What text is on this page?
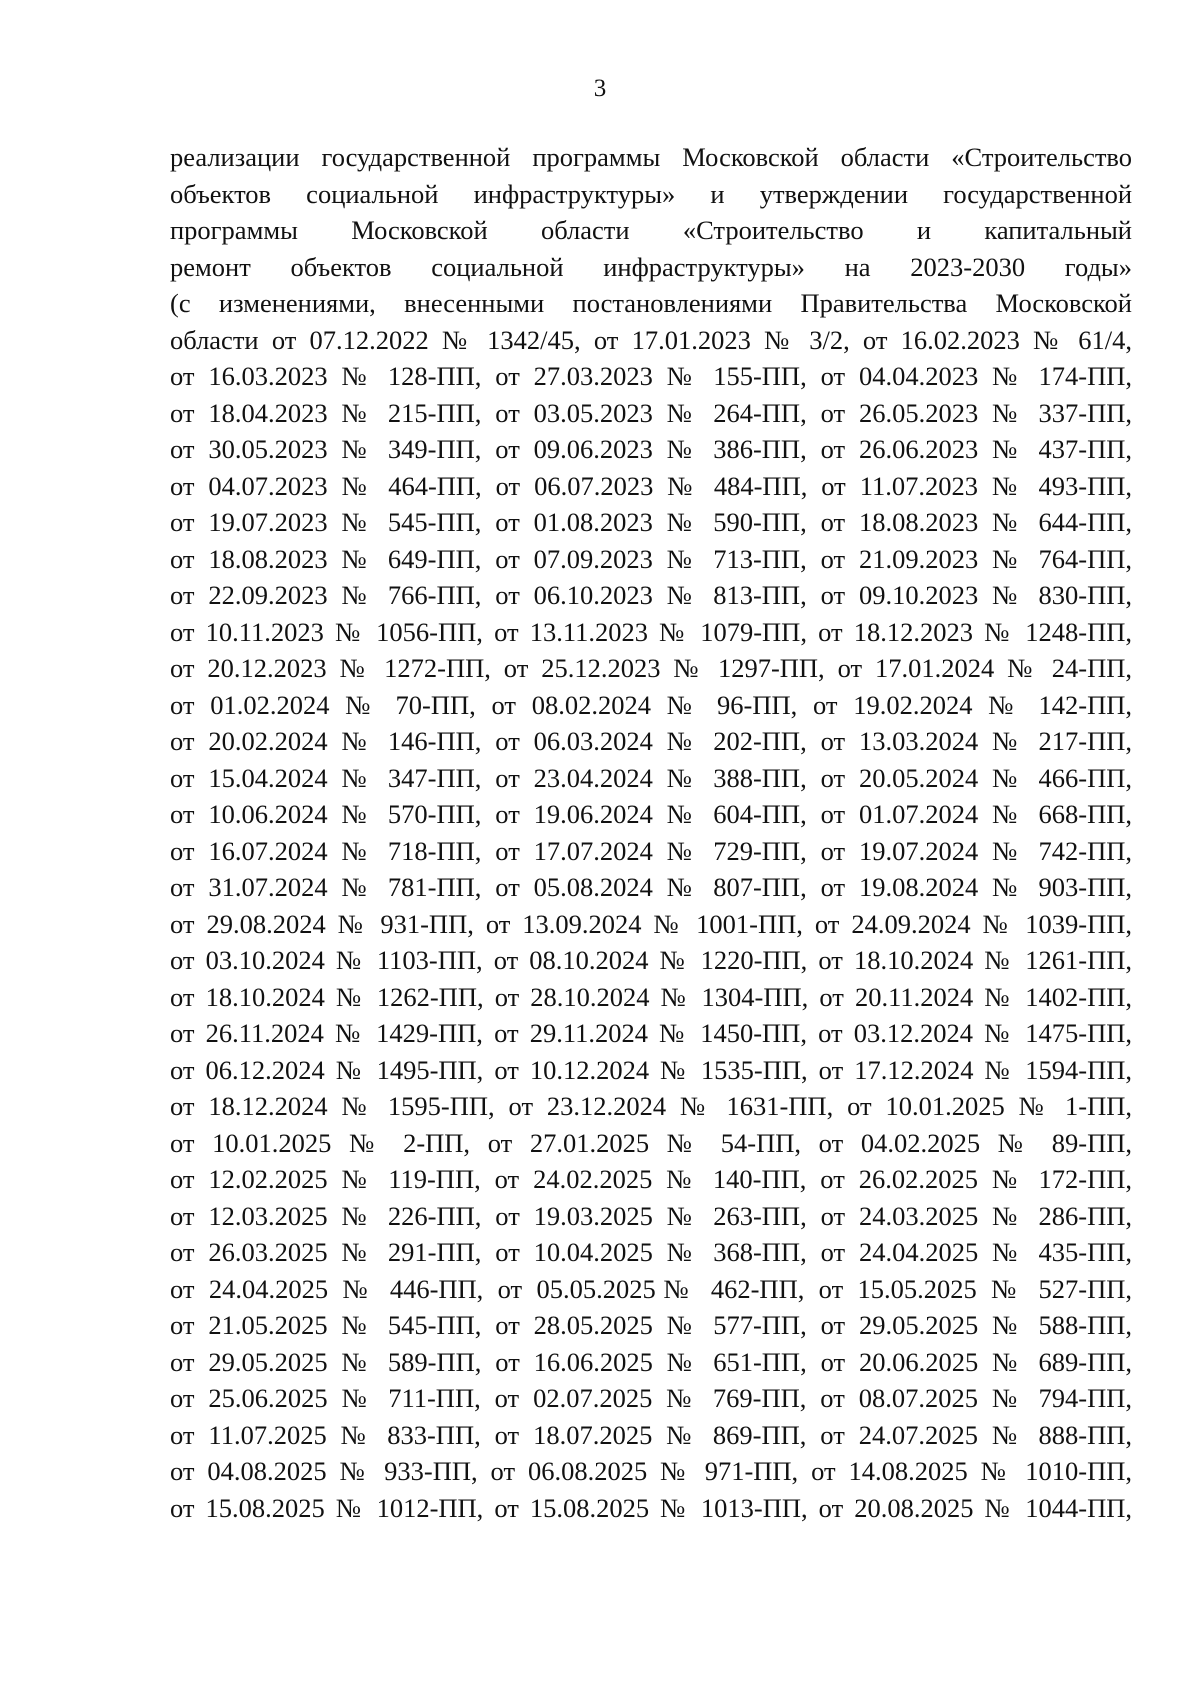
3
реализации государственной программы Московской области «Строительство
объектов социальной инфраструктуры» и утверждении государственной
программы Московской области «Строительство и капитальный
ремонт объектов социальной инфраструктуры» на 2023-2030 годы»
(с изменениями, внесенными постановлениями Правительства Московской
области от 07.12.2022 № 1342/45, от 17.01.2023 № 3/2, от 16.02.2023 № 61/4,
от 16.03.2023 № 128-ПП, от 27.03.2023 № 155-ПП, от 04.04.2023 № 174-ПП,
от 18.04.2023 № 215-ПП, от 03.05.2023 № 264-ПП, от 26.05.2023 № 337-ПП,
от 30.05.2023 № 349-ПП, от 09.06.2023 № 386-ПП, от 26.06.2023 № 437-ПП,
от 04.07.2023 № 464-ПП, от 06.07.2023 № 484-ПП, от 11.07.2023 № 493-ПП,
от 19.07.2023 № 545-ПП, от 01.08.2023 № 590-ПП, от 18.08.2023 № 644-ПП,
от 18.08.2023 № 649-ПП, от 07.09.2023 № 713-ПП, от 21.09.2023 № 764-ПП,
от 22.09.2023 № 766-ПП, от 06.10.2023 № 813-ПП, от 09.10.2023 № 830-ПП,
от 10.11.2023 № 1056-ПП, от 13.11.2023 № 1079-ПП, от 18.12.2023 № 1248-ПП,
от 20.12.2023 № 1272-ПП, от 25.12.2023 № 1297-ПП, от 17.01.2024 № 24-ПП,
от 01.02.2024 № 70-ПП, от 08.02.2024 № 96-ПП, от 19.02.2024 № 142-ПП,
от 20.02.2024 № 146-ПП, от 06.03.2024 № 202-ПП, от 13.03.2024 № 217-ПП,
от 15.04.2024 № 347-ПП, от 23.04.2024 № 388-ПП, от 20.05.2024 № 466-ПП,
от 10.06.2024 № 570-ПП, от 19.06.2024 № 604-ПП, от 01.07.2024 № 668-ПП,
от 16.07.2024 № 718-ПП, от 17.07.2024 № 729-ПП, от 19.07.2024 № 742-ПП,
от 31.07.2024 № 781-ПП, от 05.08.2024 № 807-ПП, от 19.08.2024 № 903-ПП,
от 29.08.2024 № 931-ПП, от 13.09.2024 № 1001-ПП, от 24.09.2024 № 1039-ПП,
от 03.10.2024 № 1103-ПП, от 08.10.2024 № 1220-ПП, от 18.10.2024 № 1261-ПП,
от 18.10.2024 № 1262-ПП, от 28.10.2024 № 1304-ПП, от 20.11.2024 № 1402-ПП,
от 26.11.2024 № 1429-ПП, от 29.11.2024 № 1450-ПП, от 03.12.2024 № 1475-ПП,
от 06.12.2024 № 1495-ПП, от 10.12.2024 № 1535-ПП, от 17.12.2024 № 1594-ПП,
от 18.12.2024 № 1595-ПП, от 23.12.2024 № 1631-ПП, от 10.01.2025 № 1-ПП,
от 10.01.2025 № 2-ПП, от 27.01.2025 № 54-ПП, от 04.02.2025 № 89-ПП,
от 12.02.2025 № 119-ПП, от 24.02.2025 № 140-ПП, от 26.02.2025 № 172-ПП,
от 12.03.2025 № 226-ПП, от 19.03.2025 № 263-ПП, от 24.03.2025 № 286-ПП,
от 26.03.2025 № 291-ПП, от 10.04.2025 № 368-ПП, от 24.04.2025 № 435-ПП,
от 24.04.2025 № 446-ПП, от 05.05.2025№ 462-ПП, от 15.05.2025 № 527-ПП,
от 21.05.2025 № 545-ПП, от 28.05.2025 № 577-ПП, от 29.05.2025 № 588-ПП,
от 29.05.2025 № 589-ПП, от 16.06.2025 № 651-ПП, от 20.06.2025 № 689-ПП,
от 25.06.2025 № 711-ПП, от 02.07.2025 № 769-ПП, от 08.07.2025 № 794-ПП,
от 11.07.2025 № 833-ПП, от 18.07.2025 № 869-ПП, от 24.07.2025 № 888-ПП,
от 04.08.2025 № 933-ПП, от 06.08.2025 № 971-ПП, от 14.08.2025 № 1010-ПП,
от 15.08.2025 № 1012-ПП, от 15.08.2025 № 1013-ПП, от 20.08.2025 № 1044-ПП,
